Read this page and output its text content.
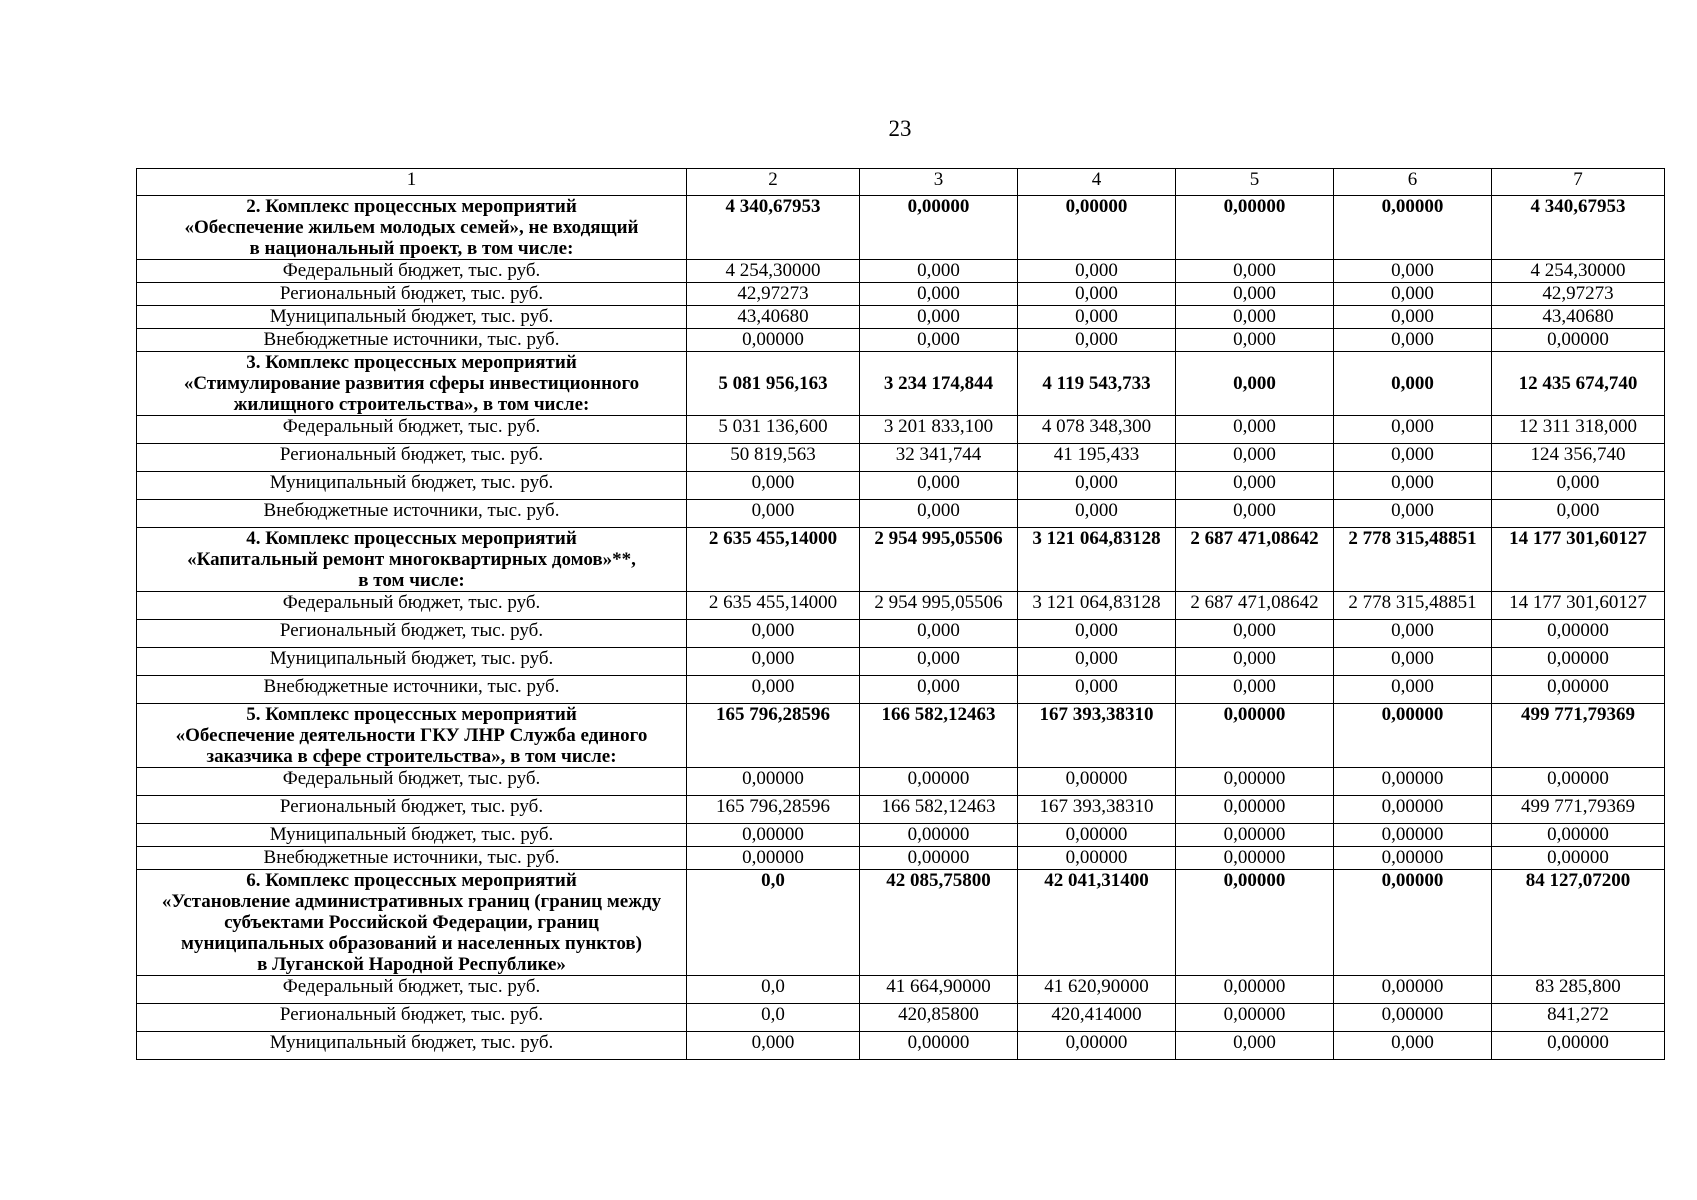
23
1	2	3	4	5	6	7

2. Комплекс процессных мероприятий
«Обеспечение жильем молодых семей», не входящий
в национальный проект, в том числе:	4 340,67953	0,00000	0,00000	0,00000	0,00000	4 340,67953
Федеральный бюджет, тыс. руб.	4 254,30000	0,000	0,000	0,000	0,000	4 254,30000
Региональный бюджет, тыс. руб.	42,97273	0,000	0,000	0,000	0,000	42,97273
Муниципальный бюджет, тыс. руб.	43,40680	0,000	0,000	0,000	0,000	43,40680
Внебюджетные источники, тыс. руб.	0,00000	0,000	0,000	0,000	0,000	0,00000

3. Комплекс процессных мероприятий
«Стимулирование развития сферы инвестиционного
жилищного строительства», в том числе:	5 081 956,163	3 234 174,844	4 119 543,733	0,000	0,000	12 435 674,740
Федеральный бюджет, тыс. руб.	5 031 136,600	3 201 833,100	4 078 348,300	0,000	0,000	12 311 318,000
Региональный бюджет, тыс. руб.	50 819,563	32 341,744	41 195,433	0,000	0,000	124 356,740
Муниципальный бюджет, тыс. руб.	0,000	0,000	0,000	0,000	0,000	0,000
Внебюджетные источники, тыс. руб.	0,000	0,000	0,000	0,000	0,000	0,000

4. Комплекс процессных мероприятий
«Капитальный ремонт многоквартирных домов»**,
в том числе:	2 635 455,14000	2 954 995,05506	3 121 064,83128	2 687 471,08642	2 778 315,48851	14 177 301,60127
Федеральный бюджет, тыс. руб.	2 635 455,14000	2 954 995,05506	3 121 064,83128	2 687 471,08642	2 778 315,48851	14 177 301,60127
Региональный бюджет, тыс. руб.	0,000	0,000	0,000	0,000	0,000	0,00000
Муниципальный бюджет, тыс. руб.	0,000	0,000	0,000	0,000	0,000	0,00000
Внебюджетные источники, тыс. руб.	0,000	0,000	0,000	0,000	0,000	0,00000

5. Комплекс процессных мероприятий
«Обеспечение деятельности ГКУ ЛНР Служба единого
заказчика в сфере строительства», в том числе:	165 796,28596	166 582,12463	167 393,38310	0,00000	0,00000	499 771,79369
Федеральный бюджет, тыс. руб.	0,00000	0,00000	0,00000	0,00000	0,00000	0,00000
Региональный бюджет, тыс. руб.	165 796,28596	166 582,12463	167 393,38310	0,00000	0,00000	499 771,79369
Муниципальный бюджет, тыс. руб.	0,00000	0,00000	0,00000	0,00000	0,00000	0,00000
Внебюджетные источники, тыс. руб.	0,00000	0,00000	0,00000	0,00000	0,00000	0,00000

6. Комплекс процессных мероприятий
«Установление административных границ (границ между
субъектами Российской Федерации, границ
муниципальных образований и населенных пунктов)
в Луганской Народной Республике»	0,0	42 085,75800	42 041,31400	0,00000	0,00000	84 127,07200
Федеральный бюджет, тыс. руб.	0,0	41 664,90000	41 620,90000	0,00000	0,00000	83 285,800
Региональный бюджет, тыс. руб.	0,0	420,85800	420,414000	0,00000	0,00000	841,272
Муниципальный бюджет, тыс. руб.	0,000	0,00000	0,00000	0,000	0,000	0,00000
